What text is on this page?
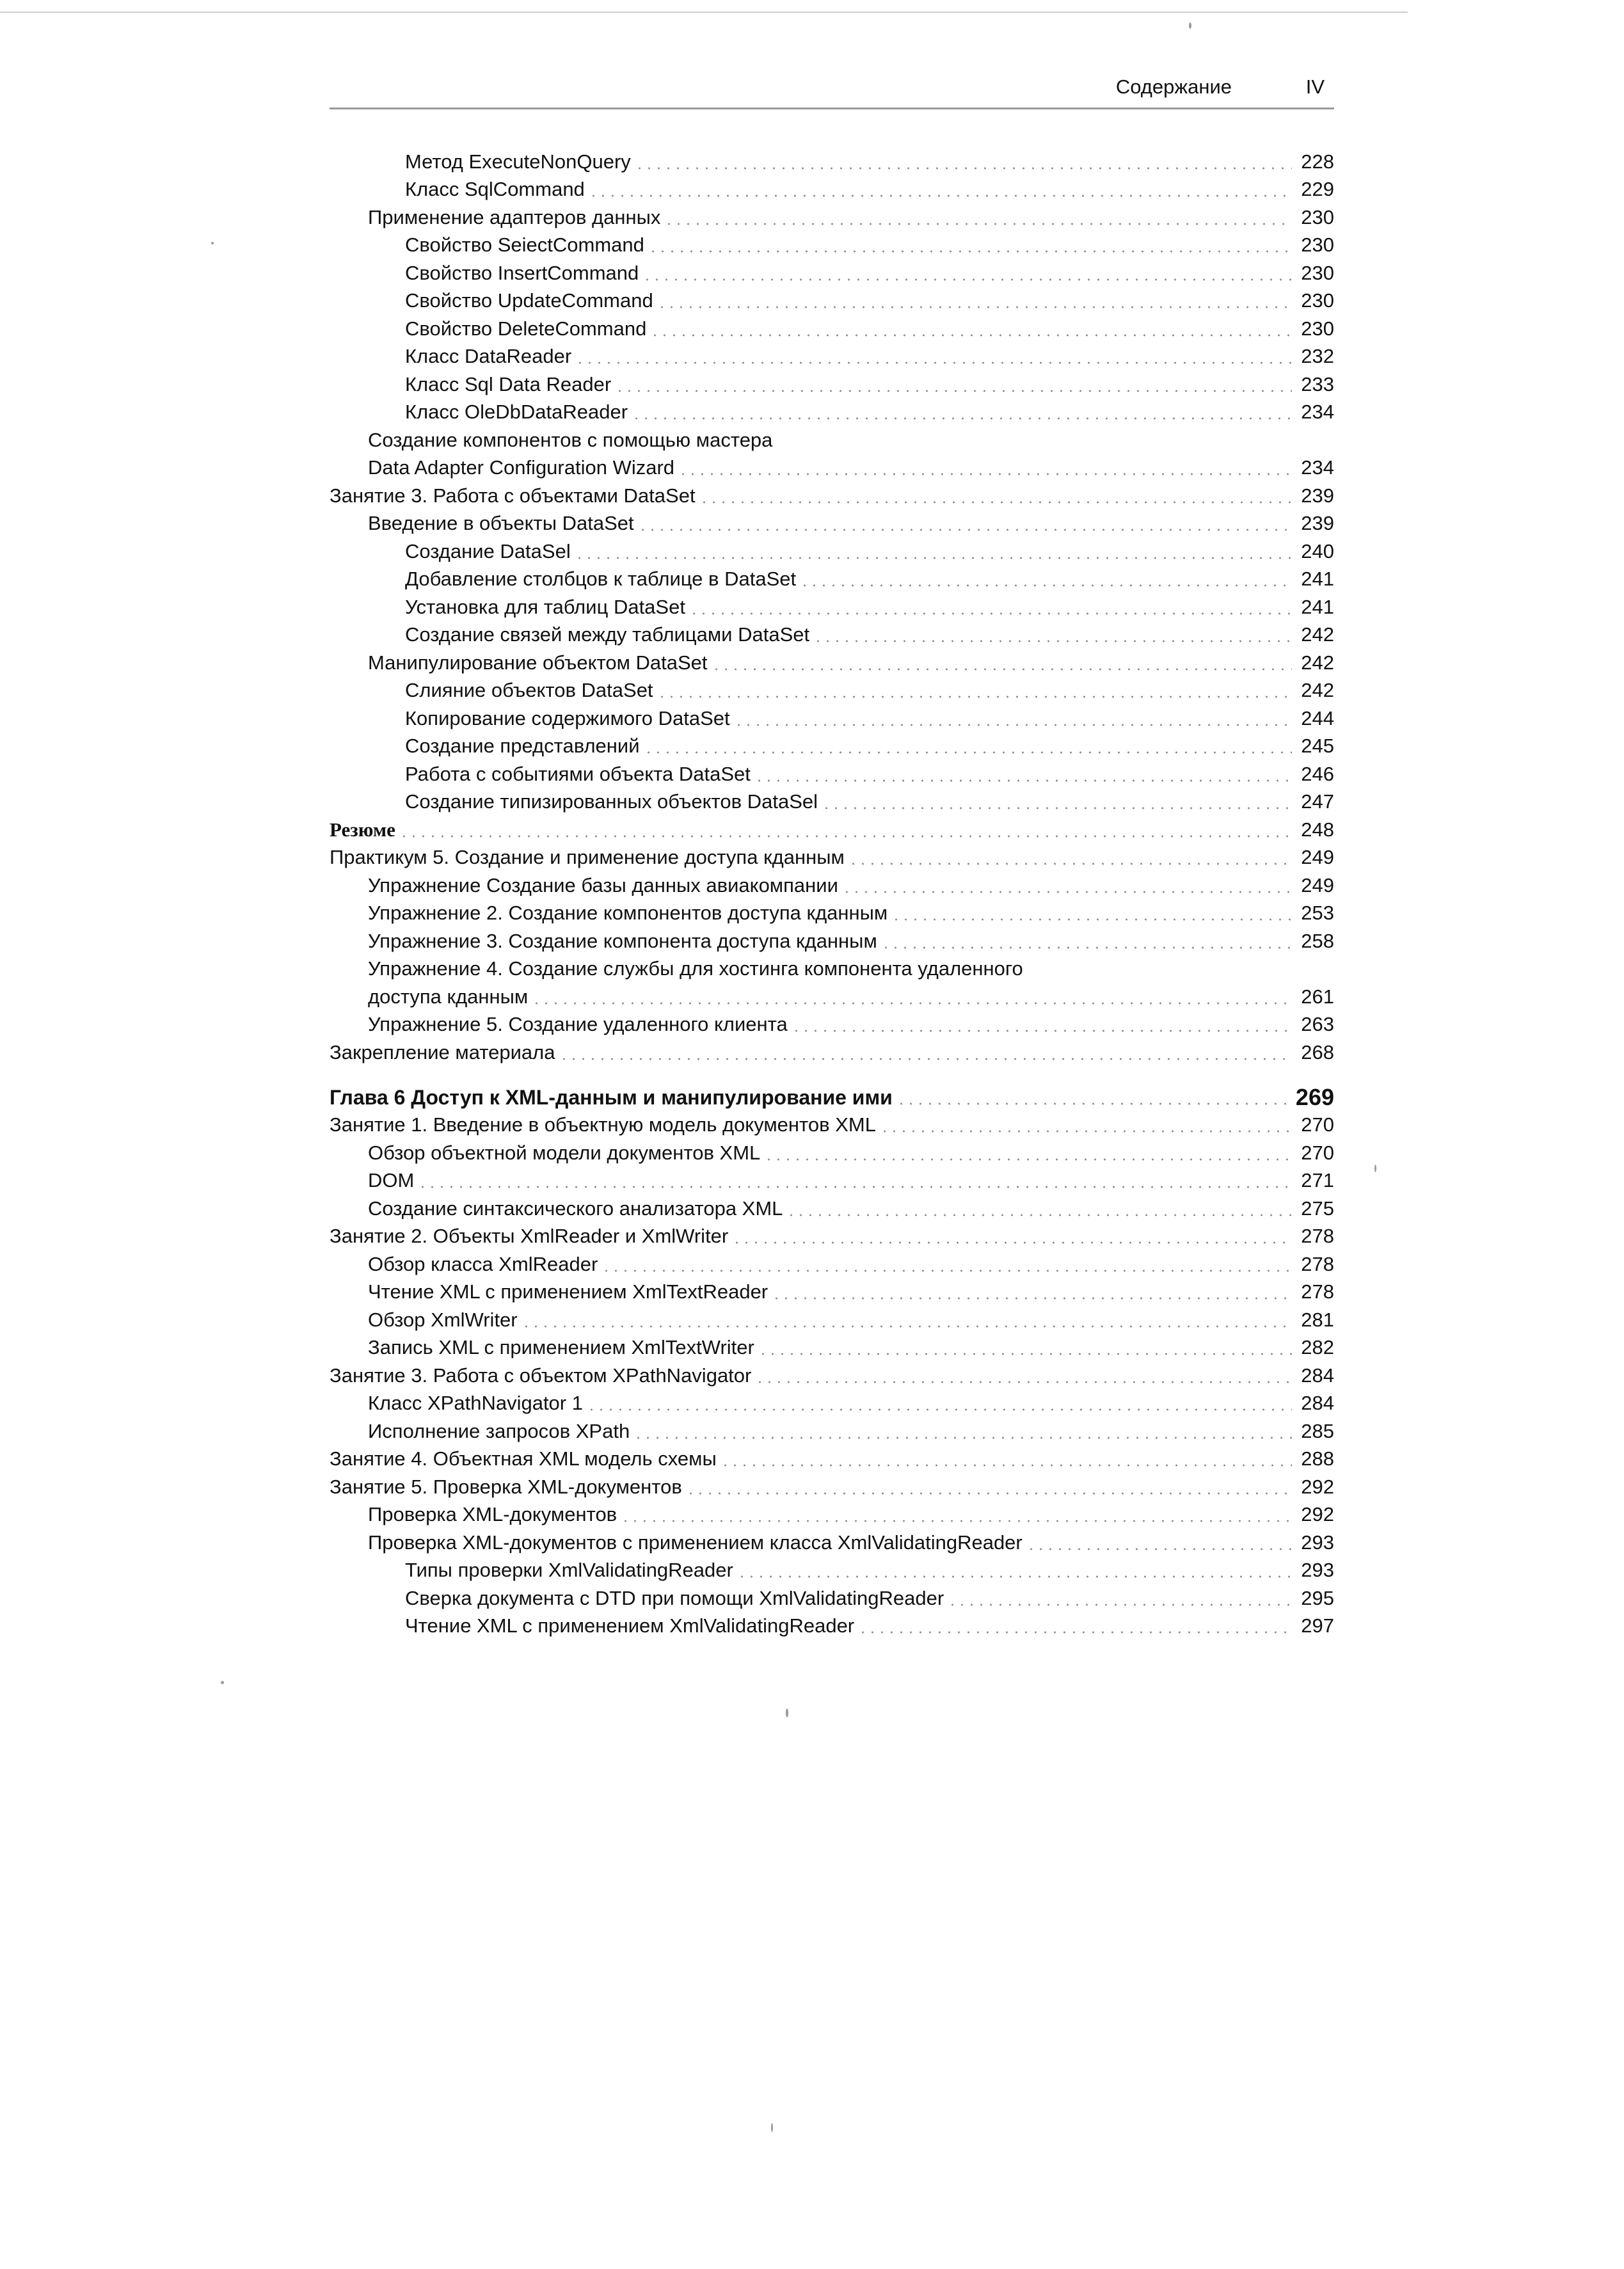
Содержание	IV
Метод ExecuteNonQuery	228
Класс SqlCommand	229
Применение адаптеров данных	230
Свойство SeiectCommand	230
Свойство InsertCommand	230
Свойство UpdateCommand	230
Свойство DeleteCommand	230
Класс DataReader	232
Класс Sql Data Reader	233
Класс OleDbDataReader	234
Создание компонентов с помощью мастера
Data Adapter Configuration Wizard	234
Занятие 3. Работа с объектами DataSet	239
Введение в объекты DataSet	239
Создание DataSel	240
Добавление столбцов к таблице в DataSet	241
Установка для таблиц DataSet	241
Создание связей между таблицами DataSet	242
Манипулирование объектом DataSet	242
Слияние объектов DataSet	242
Копирование содержимого DataSet	244
Создание представлений	245
Работа с событиями объекта DataSet	246
Создание типизированных объектов DataSel	247
Резюме	248
Практикум 5. Создание и применение доступа кданным	249
Упражнение Создание базы данных авиакомпании	249
Упражнение 2. Создание компонентов доступа кданным	253
Упражнение 3. Создание компонента доступа кданным	258
Упражнение 4. Создание службы для хостинга компонента удаленного
доступа кданным	261
Упражнение 5. Создание удаленного клиента	263
Закрепление материала	268
Глава 6 Доступ к XML-данным и манипулирование ими	269
Занятие 1. Введение в объектную модель документов XML	270
Обзор объектной модели документов XML	270
DOM	271
Создание синтаксического анализатора XML	275
Занятие 2. Объекты XmlReader и XmlWriter	278
Обзор класса XmlReader	278
Чтение XML с применением XmlTextReader	278
Обзор XmlWriter	281
Запись XML с применением XmlTextWriter	282
Занятие 3. Работа с объектом XPathNavigator	284
Класс XPathNavigator 1	284
Исполнение запросов XPath	285
Занятие 4. Объектная XML модель схемы	288
Занятие 5. Проверка XML-документов	292
Проверка XML-документов	292
Проверка XML-документов с применением класса XmlValidatingReader	293
Типы проверки XmlValidatingReader	293
Сверка документа с DTD при помощи XmlValidatingReader	295
Чтение XML с применением XmlValidatingReader	297
